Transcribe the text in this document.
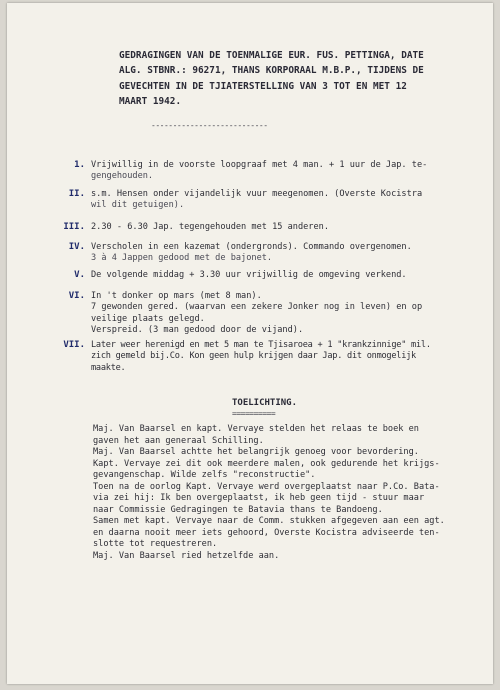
GEDRAGINGEN VAN DE TOENMALIGE EUR. FUS. PETTINGA, DATE
ALG. STBNR.: 96271, THANS KORPORAAL M.B.P., TIJDENS DE
GEVECHTEN IN DE TJIATERSTELLING VAN 3 TOT EN MET 12
MAART 1942.
---------------------------
1. Vrijwillig in de voorste loopgraaf met 4 man. + 1 uur de Jap. te-
gengehouden.
II. s.m. Hensen onder vijandelijk vuur meegenomen. (Overste Kocistra
wil dit getuigen).
III. 2.30 - 6.30 Jap. tegengehouden met 15 anderen.
IV. Verscholen in een kazemat (ondergronds). Commando overgenomen.
3 à 4 Jappen gedood met de bajonet.
V. De volgende middag + 3.30 uur vrijwillig de omgeving verkend.
VI. In 't donker op mars (met 8 man).
7 gewonden gered. (waarvan een zekere Jonker nog in leven) en op
veilige plaats gelegd.
Verspreid. (3 man gedood door de vijand).
VII. Later weer herenigd en met 5 man te Tjisaroea + 1 "krankzinnige" mil.
zich gemeld bij.Co. Kon geen hulp krijgen daar Jap. dit onmogelijk
maakte.
TOELICHTING.
==========
Maj. Van Baarsel en kapt. Vervaye stelden het relaas te boek en
gaven het aan generaal Schilling.
Maj. Van Baarsel achtte het belangrijk genoeg voor bevordering.
Kapt. Vervaye zei dit ook meerdere malen, ook gedurende het krijgs-
gevangenschap. Wilde zelfs "reconstructie".
Toen na de oorlog Kapt. Vervaye werd overgeplaatst naar P.Co. Bata-
via zei hij: Ik ben overgeplaatst, ik heb geen tijd - stuur maar
naar Commissie Gedragingen te Batavia thans te Bandoeng.
Samen met kapt. Vervaye naar de Comm. stukken afgegeven aan een agt.
en daarna nooit meer iets gehoord, Overste Kocistra adviseerde ten-
slotte tot requestreren.
Maj. Van Baarsel ried hetzelfde aan.
